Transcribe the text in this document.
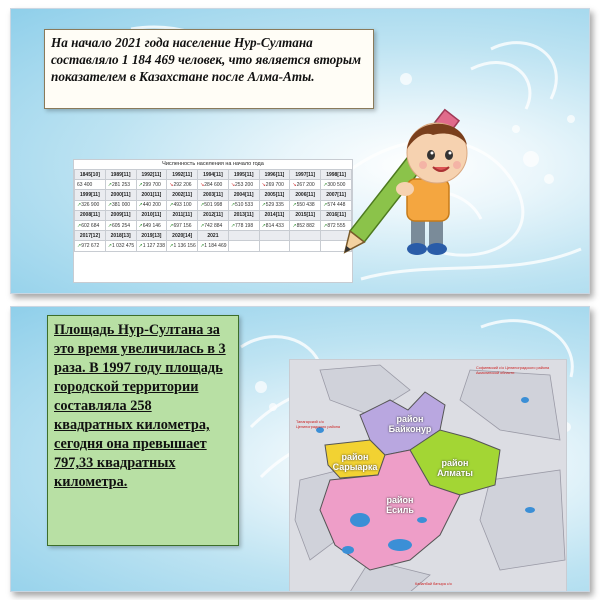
На начало 2021 года население Нур-Султана составляло 1 184 469 человек, что является вторым показателем в Казахстане после Алма-Аты.

Численность населения на начало года
1845[10]	1989[11]	1992[11]	1992[11]	1994[11]	1995[11]	1996[11]	1997[11]	1998[11]
63 400	↗281 253	↗299 700	↘292 206	↘284 600	↘253 200	↘269 700	↘267 200	↗300 500
1999[11]	2000[11]	2001[11]	2002[11]	2003[11]	2004[11]	2005[11]	2006[11]	2007[11]
↗326 900	↗381 000	↗440 200	↗493 100	↗501 998	↗510 533	↗529 335	↗550 438	↗574 448
2008[11]	2009[11]	2010[11]	2011[11]	2012[11]	2013[11]	2014[11]	2015[11]	2016[11]
↗602 684	↗605 254	↗649 146	↗697 156	↗742 884	↗778 198	↗814 433	↗852 882	↗872 555
2017[12]	2018[13]	2019[13]	2020[14]	2021				
↗972 672	↗1 032 475	↗1 127 238	↗1 136 156	↗1 184 469				

Площадь Нур-Султана за это время увеличилась в 3 раза. В 1997 году площадь городской территории составляла 258 квадратных километра, сегодня она превышает 797,33 квадратных километра.

район Байконур
район Сарыарка	район Алматы
район Есиль
Софиевский с/о Целиноградского района Акмолинской области
Тапагарский с/о Целиноградского района
Кабанбай батыра с/о
